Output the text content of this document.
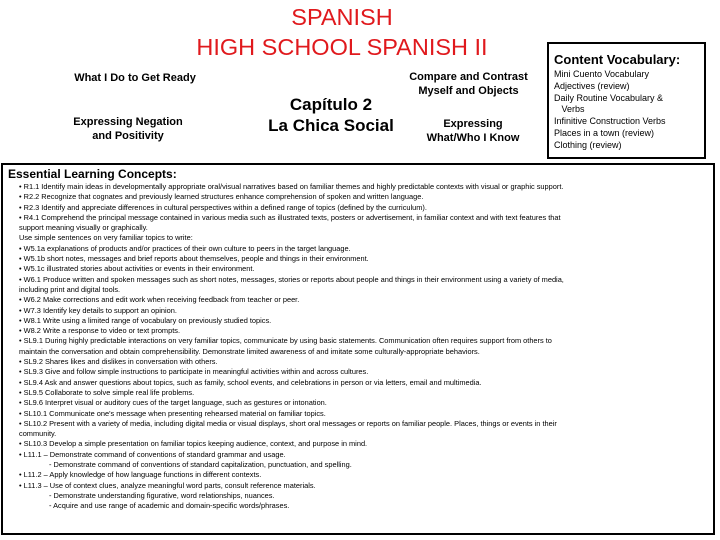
SPANISH
HIGH SCHOOL SPANISH II
What I Do to Get Ready	Compare and Contrast
Myself and Objects
Expressing Negation
and Positivity
Expressing
What/Who I Know
Capítulo 2
La Chica Social
Content Vocabulary:
Mini Cuento Vocabulary
Adjectives (review)
Daily Routine Vocabulary &
Verbs
Infinitive Construction Verbs
Places in a town (review)
Clothing (review)
Essential Learning Concepts:
• R1.1 Identify main ideas in developmentally appropriate oral/visual narratives based on familiar themes and highly predictable contexts with visual or graphic support.
• R2.2 Recognize that cognates and previously learned structures enhance comprehension of spoken and written language.
• R2.3 Identify and appreciate differences in cultural perspectives within a defined range of topics (defined by the curriculum).
• R4.1 Comprehend the principal message contained in various media such as illustrated texts, posters or advertisement, in familiar context and with text features that
support meaning visually or graphically.
Use simple sentences on very familiar topics to write:
• W5.1a explanations of products and/or practices of their own culture to peers in the target language.
• W5.1b short notes, messages and brief reports about themselves, people and things in their environment.
• W5.1c illustrated stories about activities or events in their environment.
• W6.1 Produce written and spoken messages such as short notes, messages, stories or reports about people and things in their environment using a variety of media,
including print and digital tools.
• W6.2 Make corrections and edit work when receiving feedback from teacher or peer.
• W7.3 Identify key details to support an opinion.
• W8.1 Write using a limited range of vocabulary on previously studied topics.
• W8.2 Write a response to video or text prompts.
• SL9.1 During highly predictable interactions on very familiar topics, communicate by using basic statements. Communication often requires support from others to
maintain the conversation and obtain comprehensibility. Demonstrate limited awareness of and imitate some culturally-appropriate behaviors.
• SL9.2 Shares likes and dislikes in conversation with others.
• SL9.3 Give and follow simple instructions to participate in meaningful activities within and across cultures.
• SL9.4 Ask and answer questions about topics, such as family, school events, and celebrations in person or via letters, email and multimedia.
• SL9.5 Collaborate to solve simple real life problems.
• SL9.6 Interpret visual or auditory cues of the target language, such as gestures or intonation.
• SL10.1 Communicate one's message when presenting rehearsed material on familiar topics.
• SL10.2 Present with a variety of media, including digital media or visual displays, short oral messages or reports on familiar people. Places, things or events in their
community.
• SL10.3 Develop a simple presentation on familiar topics keeping audience, context, and purpose in mind.
• L11.1 – Demonstrate command of conventions of standard grammar and usage.
- Demonstrate command of conventions of standard capitalization, punctuation, and spelling.
• L11.2 – Apply knowledge of how language functions in different contexts.
• L11.3 – Use of context clues, analyze meaningful word parts, consult reference materials.
- Demonstrate understanding figurative, word relationships, nuances.
- Acquire and use range of academic and domain-specific words/phrases.
